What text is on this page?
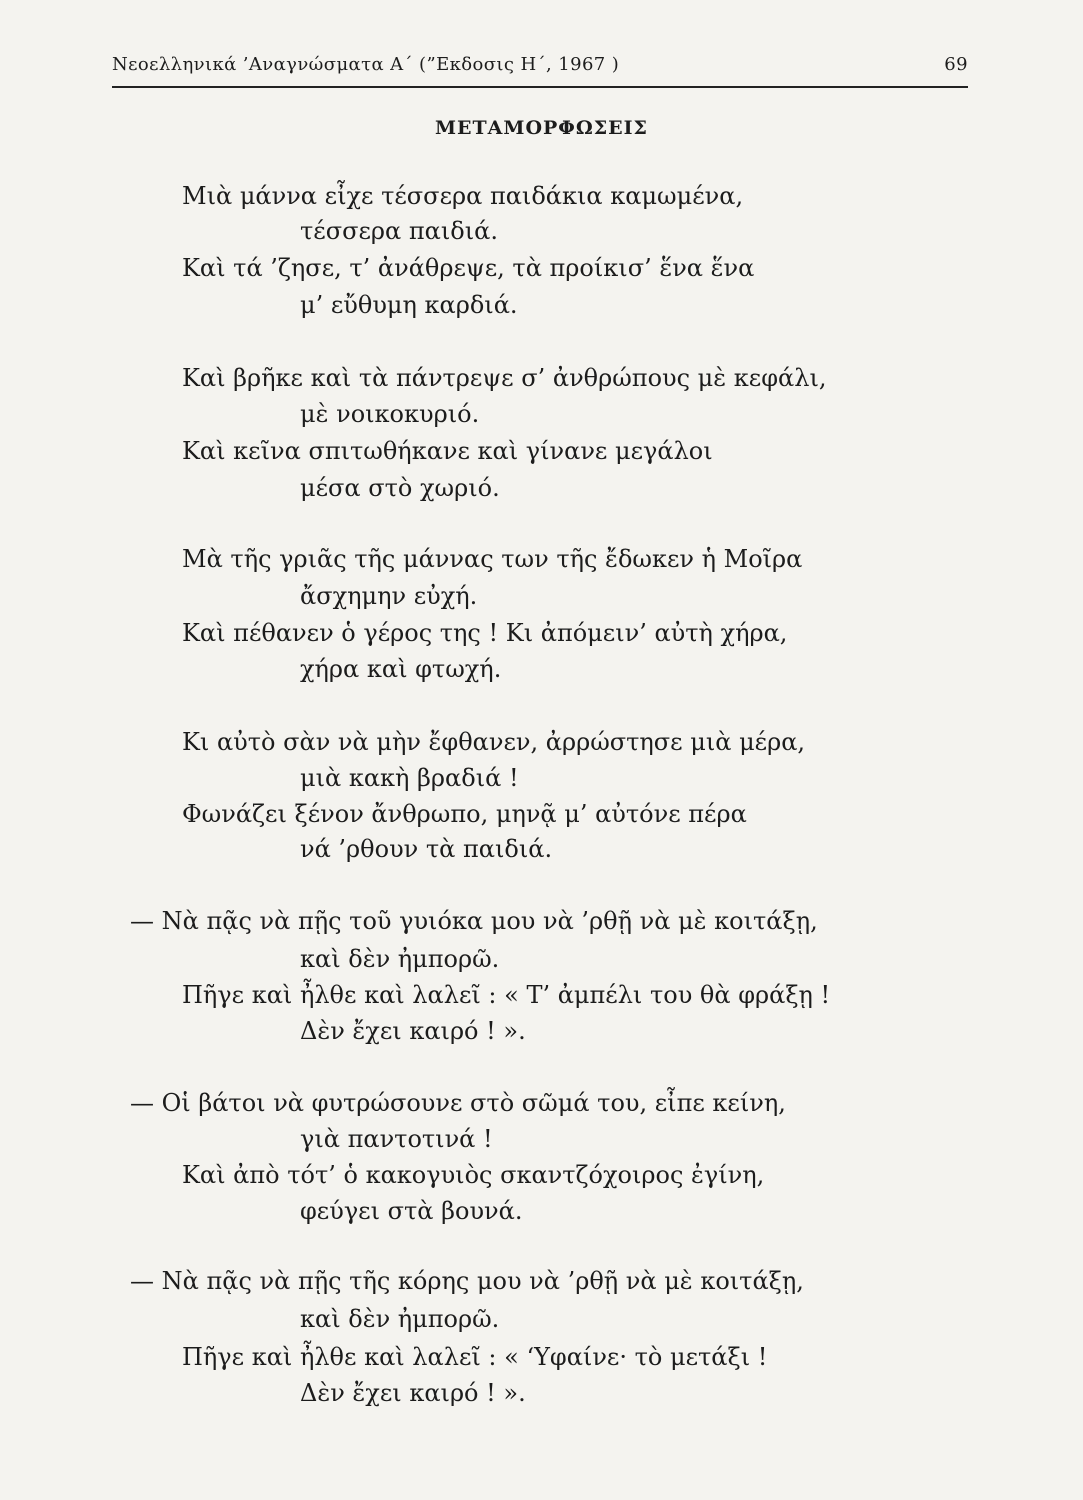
Νεοελληνικά ’Αναγνώσματα Α΄ (”Εκδοσις Η΄, 1967 )	69
ΜΕΤΑΜΟΡΦΩΣΕΙΣ
Μιὰ μάννα εἶχε τέσσερα παιδάκια καμωμένα,
τέσσερα παιδιά.
Καὶ τά ’ζησε, τ’ ἀνάθρεψε, τὰ προίκισ’ ἕνα ἕνα
μ’ εὔθυμη καρδιά.
Καὶ βρῆκε καὶ τὰ πάντρεψε σ’ ἀνθρώπους μὲ κεφάλι,
μὲ νοικοκυριό.
Καὶ κεῖνα σπιτωθήκανε καὶ γίνανε μεγάλοι
μέσα στὸ χωριό.
Μὰ τῆς γριᾶς τῆς μάννας των τῆς ἔδωκεν ἡ Μοῖρα
ἄσχημην εὐχή.
Καὶ πέθανεν ὁ γέρος της ! Κι ἀπόμειν’ αὐτὴ χήρα,
χήρα καὶ φτωχή.
Κι αὐτὸ σὰν νὰ μὴν ἔφθανεν, ἀρρώστησε μιὰ μέρα,
μιὰ κακὴ βραδιά !
Φωνάζει ξένον ἄνθρωπο, μηνᾷ μ’ αὐτόνε πέρα
νά ’ρθουν τὰ παιδιά.
— Νὰ πᾷς νὰ πῇς τοῦ γυιόκα μου νὰ ’ρθῇ νὰ μὲ κοιτάξῃ,
καὶ δὲν ἠμπορῶ.
Πῆγε καὶ ἦλθε καὶ λαλεῖ : « Τ’ ἀμπέλι του θὰ φράξῃ !
Δὲν ἔχει καιρό ! ».
— Οἱ βάτοι νὰ φυτρώσουνε στὸ σῶμά του, εἶπε κείνη,
γιὰ παντοτινά !
Καὶ ἀπὸ τότ’ ὁ κακογυιὸς σκαντζόχοιρος ἐγίνη,
φεύγει στὰ βουνά.
— Νὰ πᾷς νὰ πῇς τῆς κόρης μου νὰ ’ρθῇ νὰ μὲ κοιτάξῃ,
καὶ δὲν ἠμπορῶ.
Πῆγε καὶ ἦλθε καὶ λαλεῖ : « ‘Υφαίνε· τὸ μετάξι !
Δὲν ἔχει καιρό ! ».
